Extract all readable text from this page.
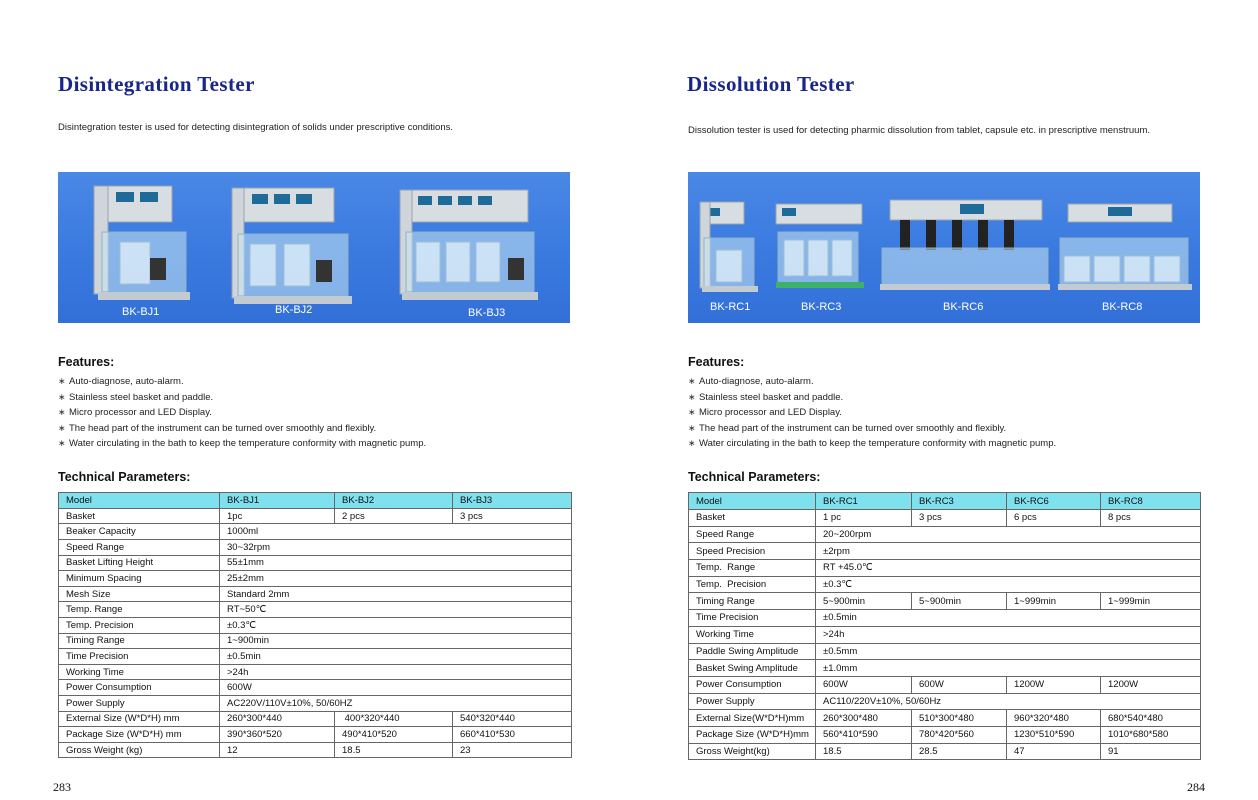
Disintegration Tester

Disintegration tester is used for detecting disintegration of solids under prescriptive conditions.

BK-BJ1	BK-BJ2	BK-BJ3
Features:
∗ Auto-diagnose, auto-alarm.
∗ Stainless steel basket and paddle.
∗ Micro processor and LED Display.
∗ The head part of the instrument can be turned over smoothly and flexibly.
∗ Water circulating in the bath to keep the temperature conformity with magnetic pump.
Technical Parameters:
Model	BK-BJ1	BK-BJ2	BK-BJ3
Basket	1pc	2 pcs	3 pcs
Beaker Capacity	1000ml		
Speed Range	30~32rpm		
Basket Lifting Height	55±1mm		
Minimum Spacing	25±2mm		
Mesh Size	Standard 2mm		
Temp. Range	RT~50℃		
Temp. Precision	±0.3℃		
Timing Range	1~900min		
Time Precision	±0.5min		
Working Time	>24h		
Power Consumption	600W		
Power Supply	AC220V/110V±10%, 50/60HZ		
External Size (W*D*H) mm	260*300*440	400*320*440	540*320*440
Package Size (W*D*H) mm	390*360*520	490*410*520	660*410*530
Gross Weight (kg)	12	18.5	23
283
Dissolution Tester

Dissolution tester is used for detecting pharmic dissolution from tablet, capsule etc. in prescriptive menstruum.

BK-RC1	BK-RC3	BK-RC6	BK-RC8
Features:
∗ Auto-diagnose, auto-alarm.
∗ Stainless steel basket and paddle.
∗ Micro processor and LED Display.
∗ The head part of the instrument can be turned over smoothly and flexibly.
∗ Water circulating in the bath to keep the temperature conformity with magnetic pump.
Technical Parameters:
Model	BK-RC1	BK-RC3	BK-RC6	BK-RC8
Basket	1 pc	3 pcs	6 pcs	8 pcs
Speed Range	20~200rpm			
Speed Precision	±2rpm			
Temp.  Range	RT +45.0℃			
Temp.  Precision	±0.3℃			
Timing Range	5~900min	5~900min	1~999min	1~999min
Time Precision	±0.5min			
Working Time	>24h			
Paddle Swing Amplitude	±0.5mm			
Basket Swing Amplitude	±1.0mm			
Power Consumption	600W	600W	1200W	1200W
Power Supply	AC110/220V±10%, 50/60Hz			
External Size(W*D*H)mm	260*300*480	510*300*480	960*320*480	680*540*480
Package Size (W*D*H)mm	560*410*590	780*420*560	1230*510*590	1010*680*580
Gross Weight(kg)	18.5	28.5	47	91
284
